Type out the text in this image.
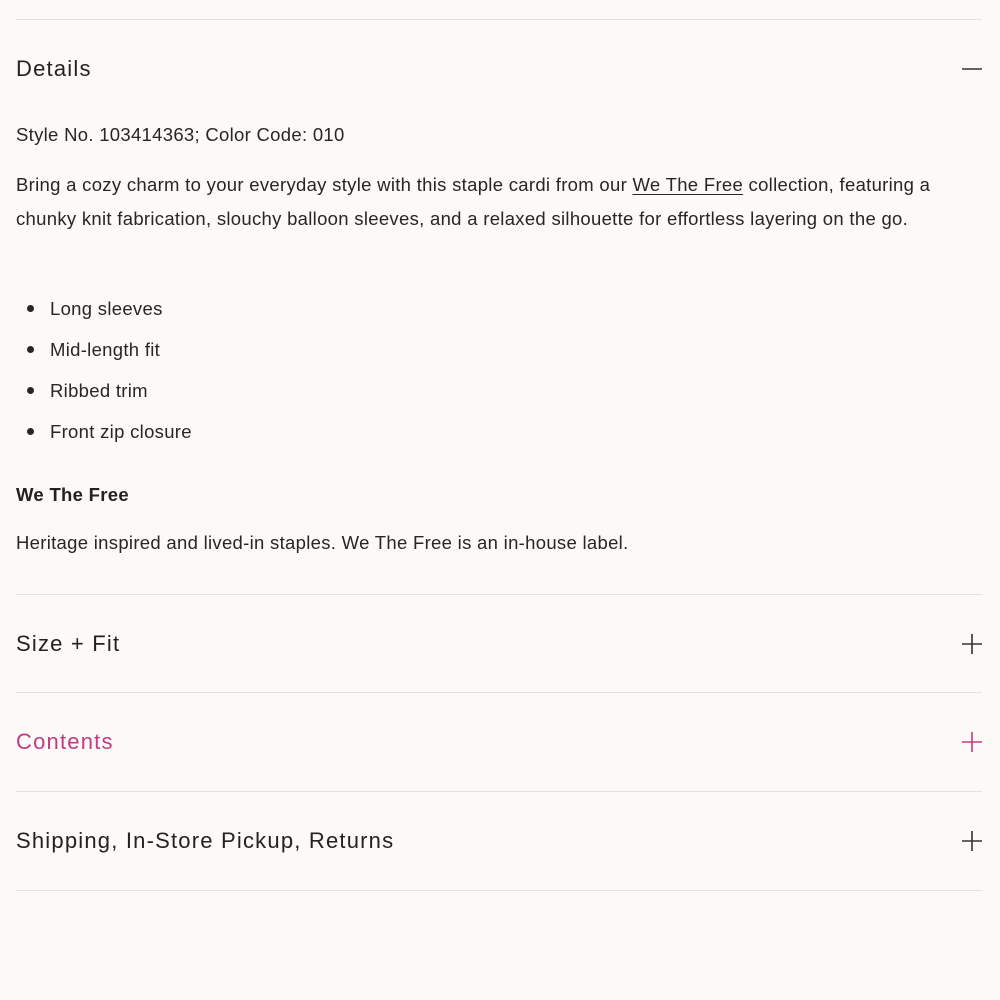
Details
Style No. 103414363; Color Code: 010
Bring a cozy charm to your everyday style with this staple cardi from our We The Free collection, featuring a chunky knit fabrication, slouchy balloon sleeves, and a relaxed silhouette for effortless layering on the go.
Long sleeves
Mid-length fit
Ribbed trim
Front zip closure
We The Free
Heritage inspired and lived-in staples. We The Free is an in-house label.
Size + Fit
Contents
Shipping, In-Store Pickup, Returns
